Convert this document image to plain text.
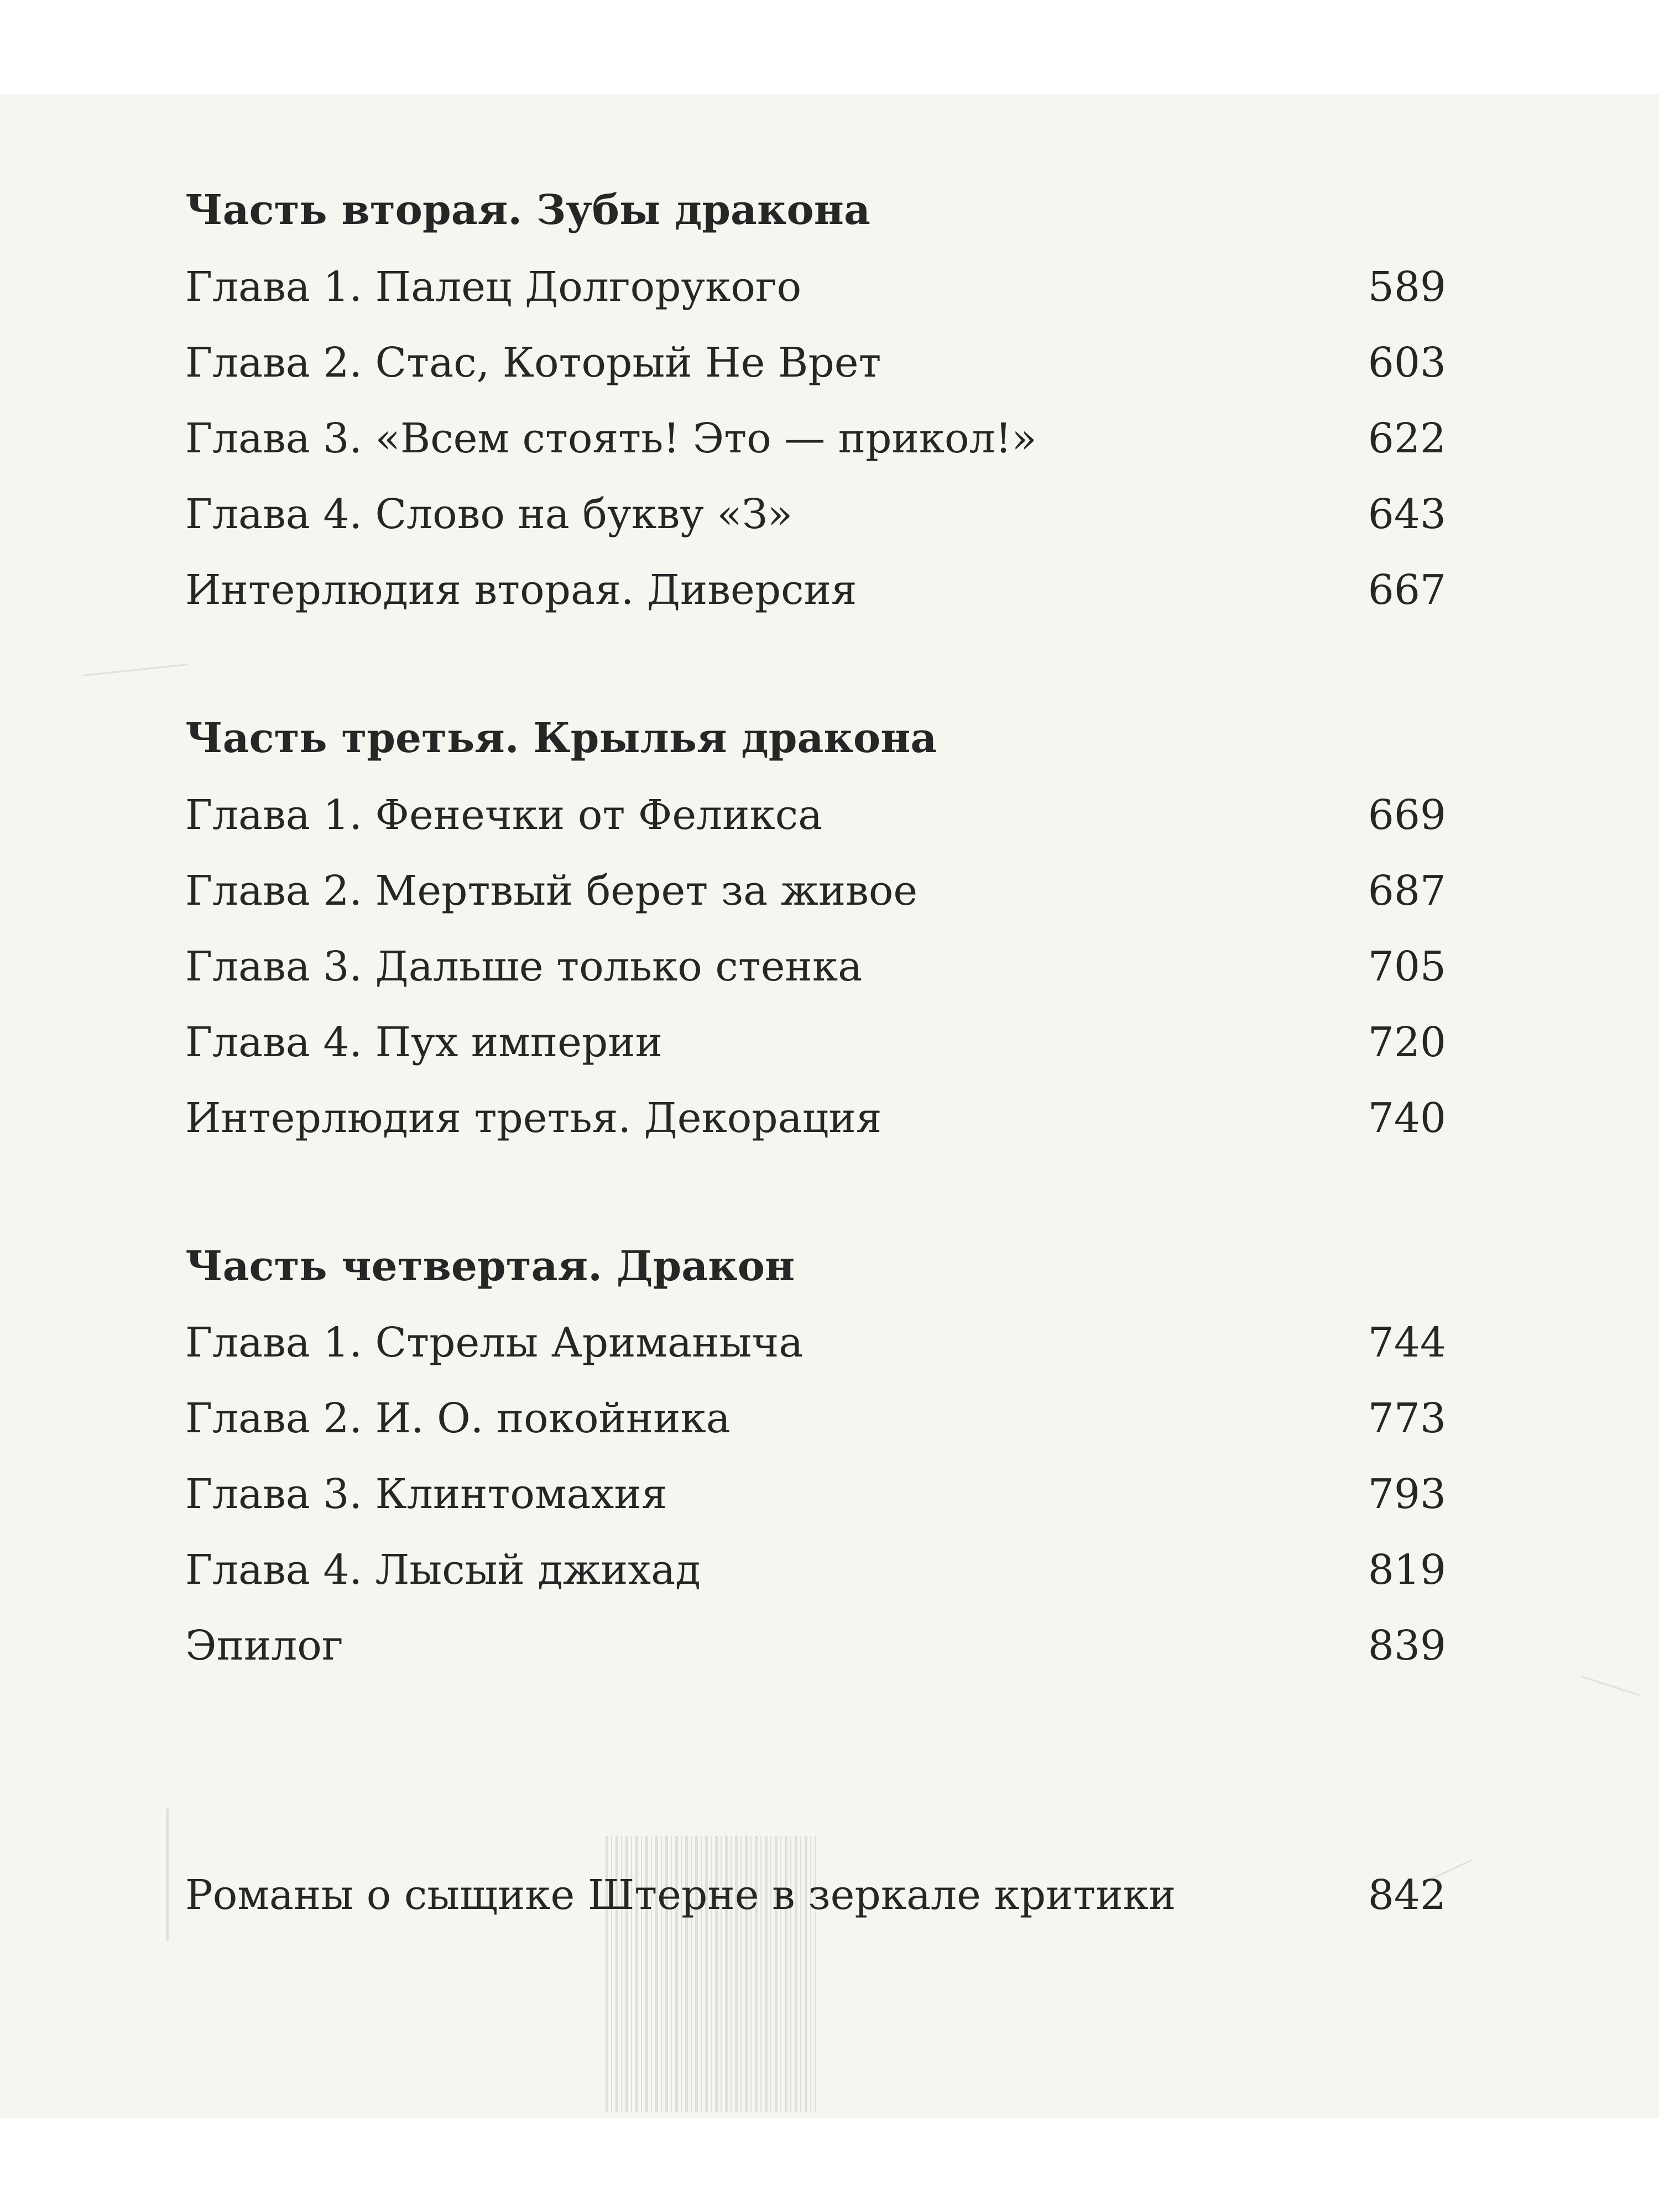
Часть вторая. Зубы дракона
Глава 1. Палец Долгорукого	589
Глава 2. Стас, Который Не Врет	603
Глава 3. «Всем стоять! Это — прикол!»	622
Глава 4. Слово на букву «З»	643
Интерлюдия вторая. Диверсия	667
Часть третья. Крылья дракона
Глава 1. Фенечки от Феликса	669
Глава 2. Мертвый берет за живое	687
Глава 3. Дальше только стенка	705
Глава 4. Пух империи	720
Интерлюдия третья. Декорация	740
Часть четвертая. Дракон
Глава 1. Стрелы Ариманыча	744
Глава 2. И. О. покойника	773
Глава 3. Клинтомахия	793
Глава 4. Лысый джихад	819
Эпилог	839
Романы о сыщике Штерне в зеркале критики	842
